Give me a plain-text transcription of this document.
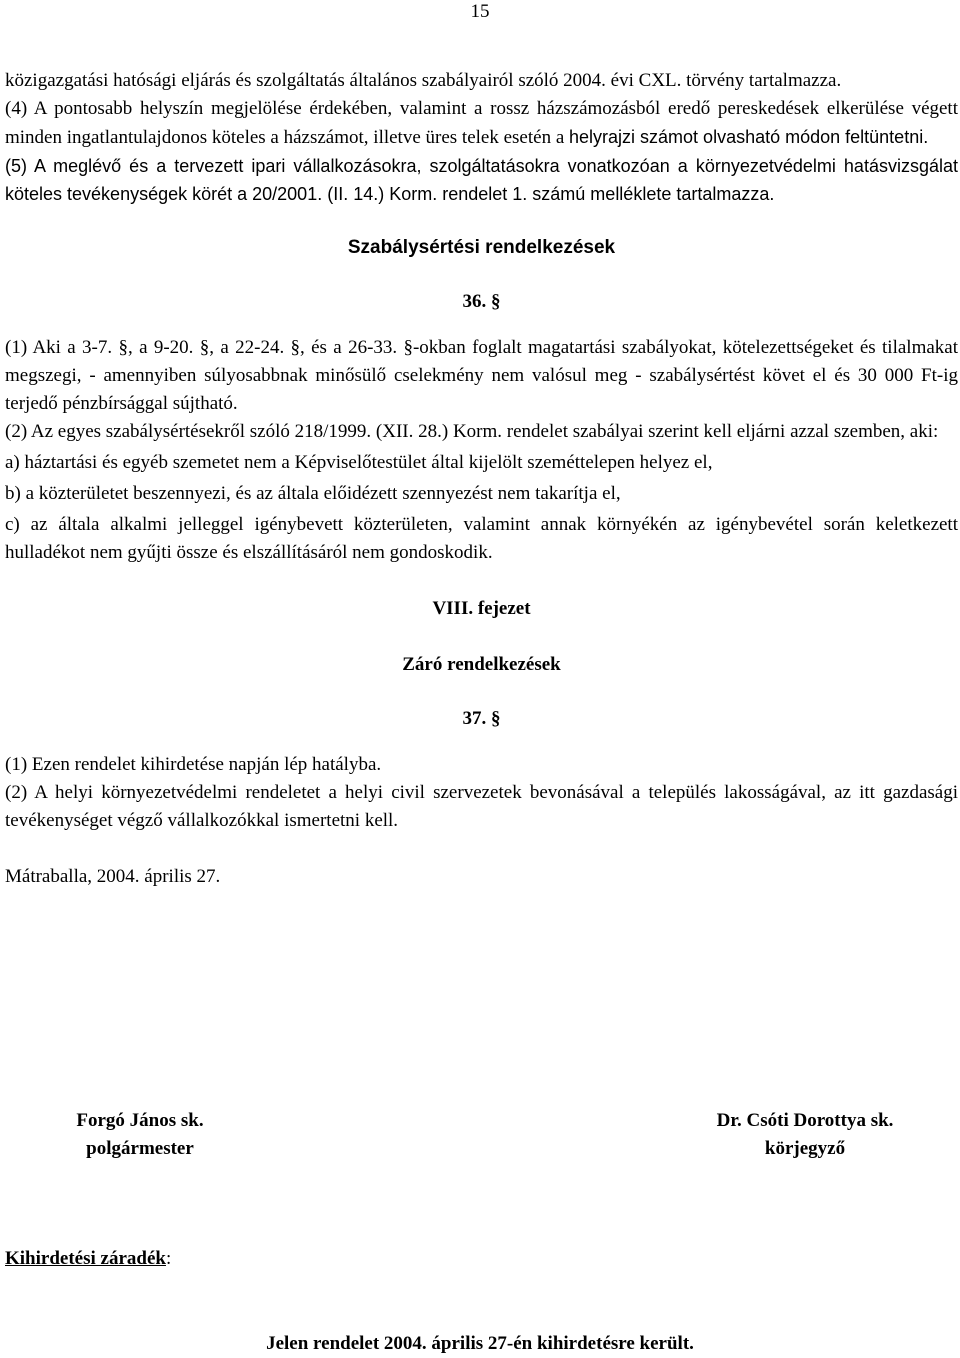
15

közigazgatási hatósági eljárás és szolgáltatás általános szabályairól szóló 2004. évi CXL. törvény tartalmazza.

(4) A pontosabb helyszín megjelölése érdekében, valamint a rossz házszámozásból eredő pereskedések elkerülése végett minden ingatlantulajdonos köteles a házszámot, illetve üres telek esetén a helyrajzi számot olvasható módon feltüntetni.

(5) A meglévő és a tervezett ipari vállalkozásokra, szolgáltatásokra vonatkozóan a környezetvédelmi hatásvizsgálat köteles tevékenységek körét a 20/2001. (II. 14.) Korm. rendelet 1. számú melléklete tartalmazza.

Szabálysértési rendelkezések

36. §

(1) Aki a 3-7. §, a 9-20. §, a 22-24. §, és a 26-33. §-okban foglalt magatartási szabályokat, kötelezettségeket és tilalmakat megszegi, - amennyiben súlyosabbnak minősülő cselekmény nem valósul meg - szabálysértést követ el és 30 000 Ft-ig terjedő pénzbírsággal sújtható.

(2) Az egyes szabálysértésekről szóló 218/1999. (XII. 28.) Korm. rendelet szabályai szerint kell eljárni azzal szemben, aki:

a) háztartási és egyéb szemetet nem a Képviselőtestület által kijelölt szeméttelepen helyez el,

b) a közterületet beszennyezi, és az általa előidézett szennyezést nem takarítja el,

c) az általa alkalmi jelleggel igénybevett közterületen, valamint annak környékén az igénybevétel során keletkezett hulladékot nem gyűjti össze és elszállításáról nem gondoskodik.

VIII. fejezet

Záró rendelkezések

37. §

(1) Ezen rendelet kihirdetése napján lép hatályba.

(2) A helyi környezetvédelmi rendeletet a helyi civil szervezetek bevonásával a település lakosságával, az itt gazdasági tevékenységet végző vállalkozókkal ismertetni kell.

Mátraballa, 2004. április 27.

Forgó János sk.
polgármester
Dr. Csóti Dorottya sk.
körjegyző
Kihirdetési záradék:
Jelen rendelet 2004. április 27-én kihirdetésre került.
